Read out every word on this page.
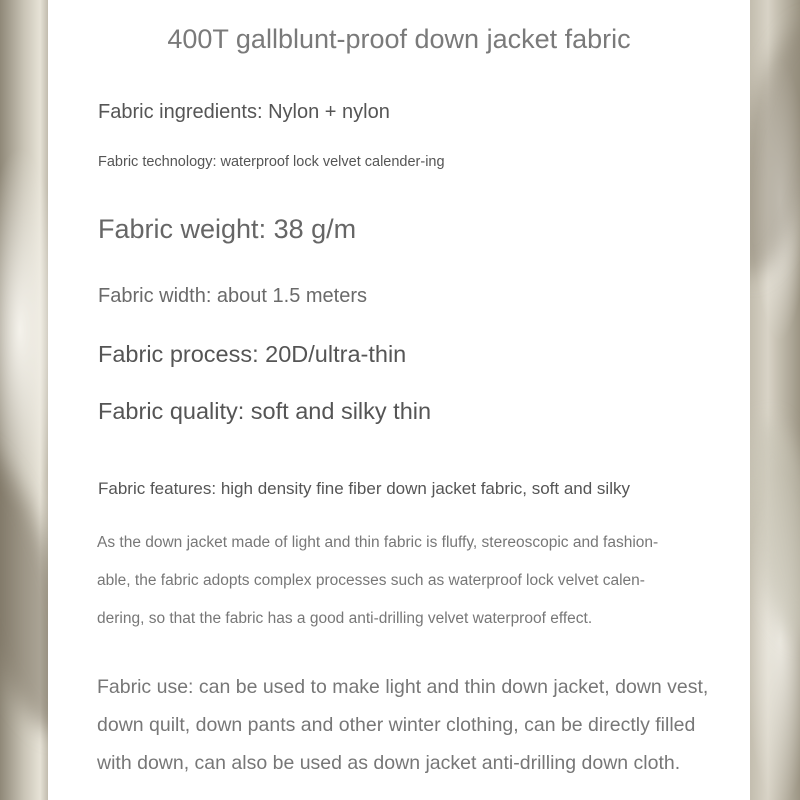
400T gallblunt-proof down jacket fabric

Fabric ingredients: Nylon + nylon

Fabric technology: waterproof lock velvet calender-ing

Fabric weight: 38 g/m

Fabric width: about 1.5 meters

Fabric process: 20D/ultra-thin

Fabric quality: soft and silky thin

Fabric features: high density fine fiber down jacket fabric, soft and silky

As the down jacket made of light and thin fabric is fluffy, stereoscopic and fashion-
able, the fabric adopts complex processes such as waterproof lock velvet calen-
dering, so that the fabric has a good anti-drilling velvet waterproof effect.

Fabric use: can be used to make light and thin down jacket, down vest,
down quilt, down pants and other winter clothing, can be directly filled
with down, can also be used as down jacket anti-drilling down cloth.
